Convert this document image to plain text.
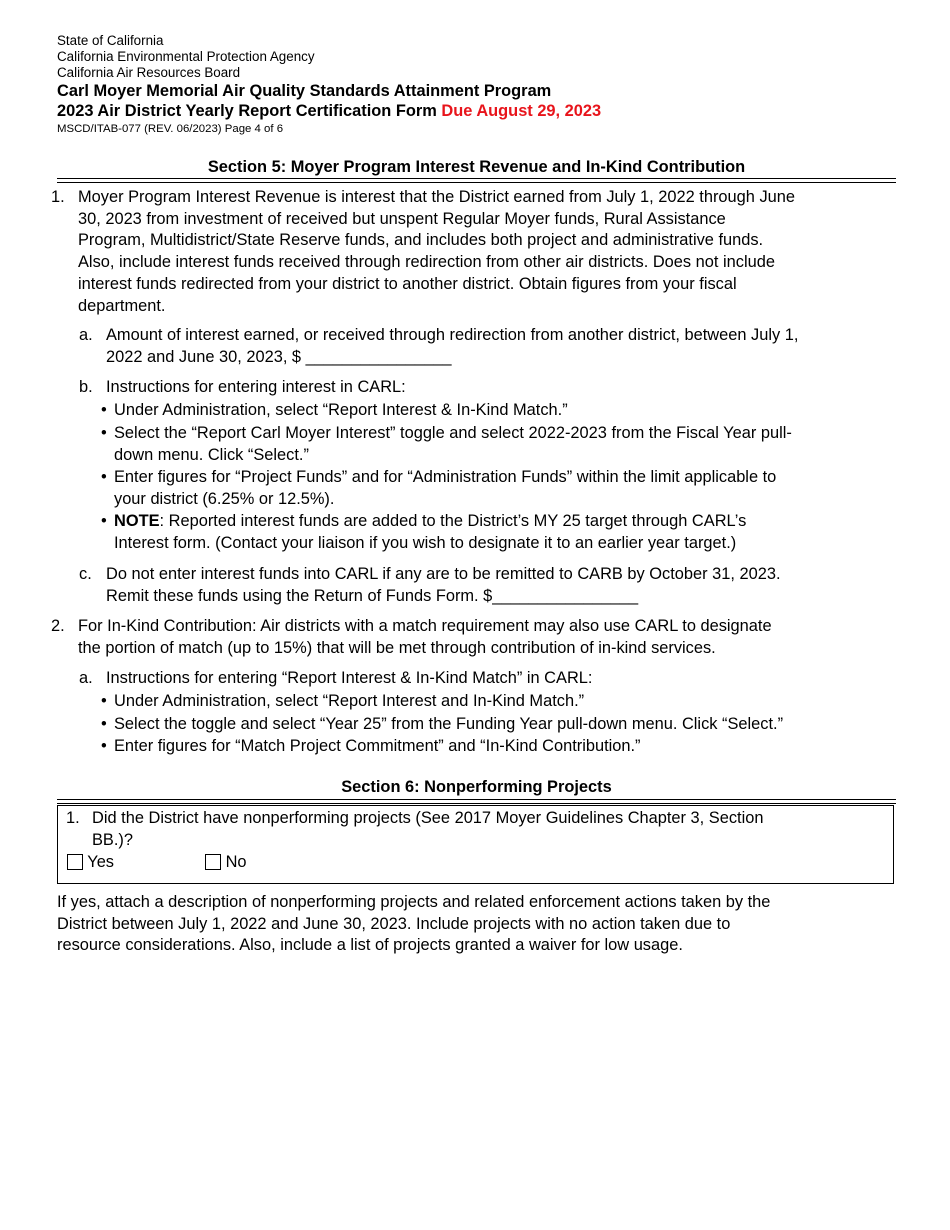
State of California
California Environmental Protection Agency
California Air Resources Board
Carl Moyer Memorial Air Quality Standards Attainment Program
2023 Air District Yearly Report Certification Form Due August 29, 2023
MSCD/ITAB-077 (REV. 06/2023) Page 4 of 6
Section 5: Moyer Program Interest Revenue and In-Kind Contribution
1. Moyer Program Interest Revenue is interest that the District earned from July 1, 2022 through June
30, 2023 from investment of received but unspent Regular Moyer funds, Rural Assistance
Program, Multidistrict/State Reserve funds, and includes both project and administrative funds.
Also, include interest funds received through redirection from other air districts. Does not include
interest funds redirected from your district to another district. Obtain figures from your fiscal
department.
a. Amount of interest earned, or received through redirection from another district, between July 1,
2022 and June 30, 2023, $ ________________
b. Instructions for entering interest in CARL:
• Under Administration, select “Report Interest & In-Kind Match.”
• Select the “Report Carl Moyer Interest” toggle and select 2022-2023 from the Fiscal Year pull-
down menu. Click “Select.”
• Enter figures for “Project Funds” and for “Administration Funds” within the limit applicable to
your district (6.25% or 12.5%).
• NOTE: Reported interest funds are added to the District’s MY 25 target through CARL’s
Interest form. (Contact your liaison if you wish to designate it to an earlier year target.)
c. Do not enter interest funds into CARL if any are to be remitted to CARB by October 31, 2023.
Remit these funds using the Return of Funds Form. $________________
2. For In-Kind Contribution: Air districts with a match requirement may also use CARL to designate
the portion of match (up to 15%) that will be met through contribution of in-kind services.
a. Instructions for entering “Report Interest & In-Kind Match” in CARL:
• Under Administration, select “Report Interest and In-Kind Match.”
• Select the toggle and select “Year 25” from the Funding Year pull-down menu. Click “Select.”
• Enter figures for “Match Project Commitment” and “In-Kind Contribution.”
Section 6: Nonperforming Projects
1. Did the District have nonperforming projects (See 2017 Moyer Guidelines Chapter 3, Section
BB.)?
Yes	No
If yes, attach a description of nonperforming projects and related enforcement actions taken by the
District between July 1, 2022 and June 30, 2023. Include projects with no action taken due to
resource considerations. Also, include a list of projects granted a waiver for low usage.
